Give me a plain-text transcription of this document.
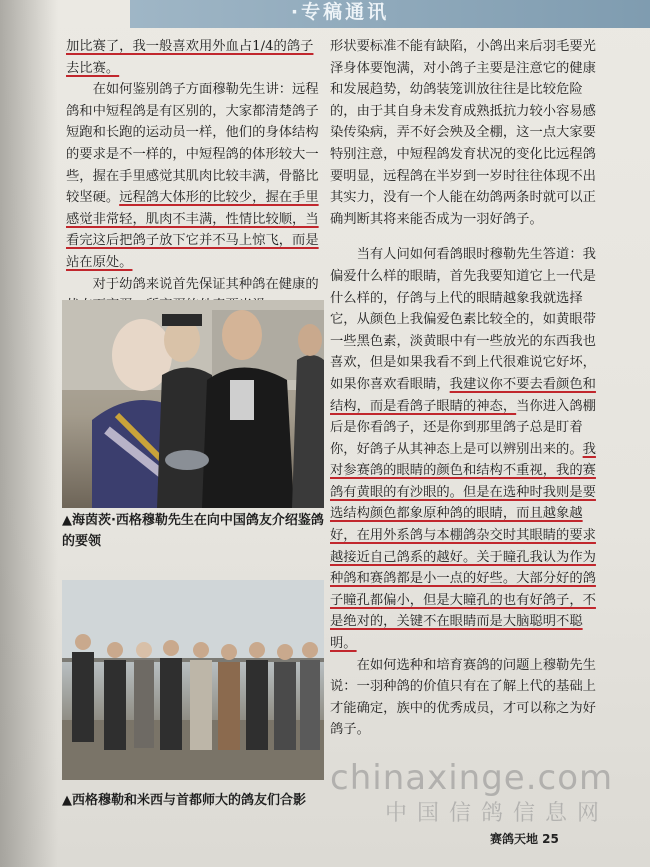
·专稿通讯

加比赛了，我一般喜欢用外血占1/4的鸽子去比赛。

在如何鉴别鸽子方面穆勒先生讲：远程鸽和中短程鸽是有区别的，大家都清楚鸽子短跑和长跑的运动员一样，他们的身体结构的要求是不一样的，中短程鸽的体形较大一些，握在手里感觉其肌肉比较丰满，骨骼比较坚硬。远程鸽大体形的比较少，握在手里感觉非常轻，肌肉不丰满，性情比较顺，当看完这后把鸽子放下它并不马上惊飞，而是站在原处。

对于幼鸽来说首先保证其种鸽在健康的

▲海茵茨·西格穆勒先生在向中国鸽友介绍鉴鸽的要领
▲西格穆勒和米西与首都师大的鸽友们合影

形状要标准不能有缺陷，小鸽出来后羽毛要光泽身体要饱满，对小鸽子主要是注意它的健康和发展趋势，幼鸽装笼训放往往是比较危险的，由于其自身未发育成熟抵抗力较小容易感染传染病，弄不好会殃及全棚，这一点大家要特别注意，中短程鸽发育状况的变化比远程鸽要明显，远程鸽在半岁到一岁时往往体现不出其实力，没有一个人能在幼鸽两条时就可以正确判断其将来能否成为一羽好鸽子。

当有人问如何看鸽眼时穆勒先生答道：我偏爱什么样的眼睛，首先我要知道它上一代是什么样的，仔鸽与上代的眼睛越象我就选择它，从颜色上我偏爱色素比较全的，如黄眼带一些黑色素，淡黄眼中有一些放光的东西我也喜欢，但是如果我看不到上代很难说它好坏，如果你喜欢看眼睛，我建议你不要去看颜色和结构，而是看鸽子眼睛的神态，当你进入鸽棚后是你看鸽子，还是你到那里鸽子总是盯着你，好鸽子从其神态上是可以辨别出来的。我对参赛鸽的眼睛的颜色和结构不重视，我的赛鸽有黄眼的有沙眼的。但是在选种时我则是要选结构颜色都象原种鸽的眼睛，而且越象越好，在用外系鸽与本棚鸽杂交时其眼睛的要求越接近自己鸽系的越好。关于瞳孔我认为作为种鸽和赛鸽都是小一点的好些。大部分好的鸽子瞳孔都偏小，但是大瞳孔的也有好鸽子，不是绝对的，关键不在眼睛而是大脑聪明不聪明。

在如何选种和培育赛鸽的问题上穆勒先生说：一羽种鸽的价值只有在了解上代的基础上才能确定，族中的优秀成员，才可以称之为好鸽子。

chinaxinge.com
中国信鸽信息网
赛鸽天地 25
